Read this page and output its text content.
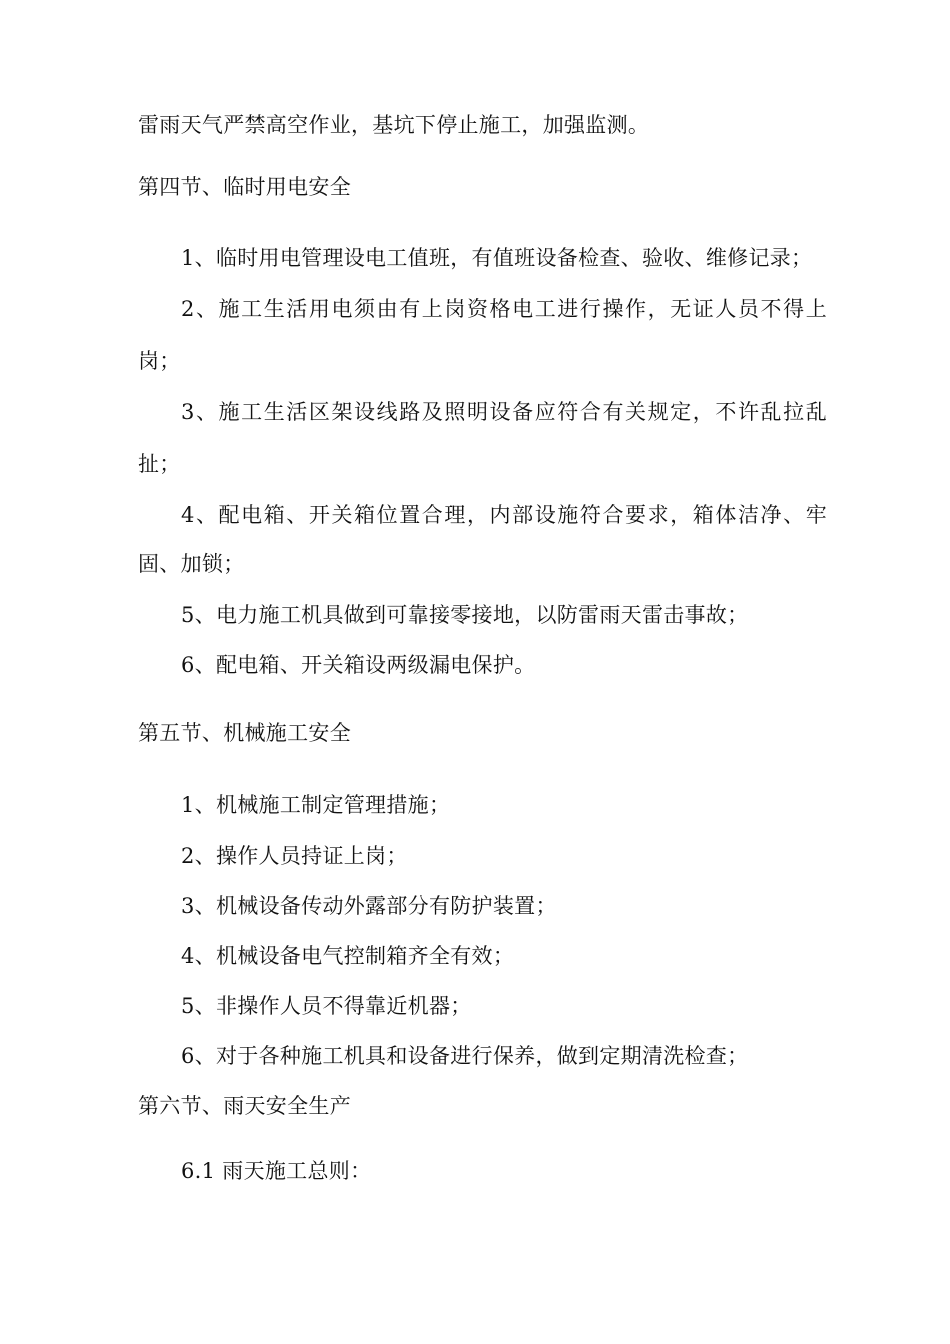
雷雨天气严禁高空作业，基坑下停止施工，加强监测。
第四节、临时用电安全
1、临时用电管理设电工值班，有值班设备检查、验收、维修记录；
2、施工生活用电须由有上岗资格电工进行操作，无证人员不得上
岗；
3、施工生活区架设线路及照明设备应符合有关规定，不许乱拉乱
扯；
4、配电箱、开关箱位置合理，内部设施符合要求，箱体洁净、牢
固、加锁；
5、电力施工机具做到可靠接零接地，以防雷雨天雷击事故；
6、配电箱、开关箱设两级漏电保护。
第五节、机械施工安全
1、机械施工制定管理措施；
2、操作人员持证上岗；
3、机械设备传动外露部分有防护装置；
4、机械设备电气控制箱齐全有效；
5、非操作人员不得靠近机器；
6、对于各种施工机具和设备进行保养，做到定期清洗检查；
第六节、雨天安全生产
6.1 雨天施工总则：
